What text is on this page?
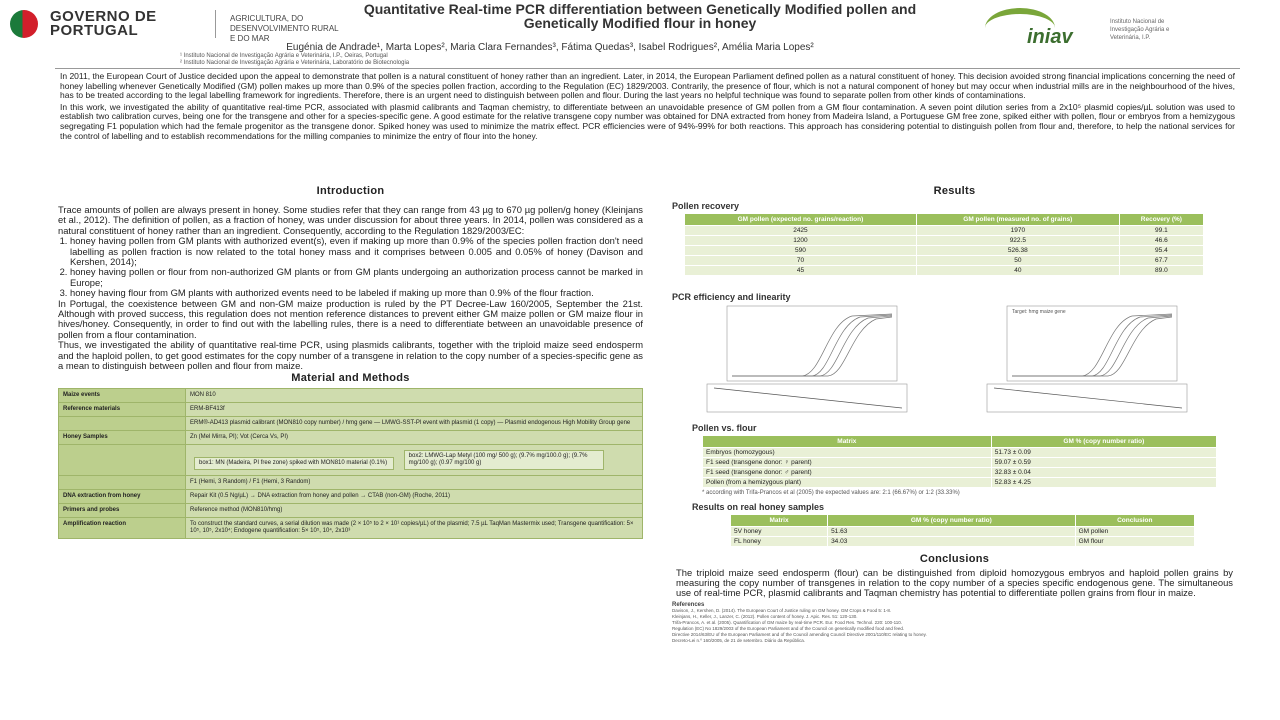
GOVERNO DE
PORTUGAL
AGRICULTURA, DO DESENVOLVIMENTO RURAL E DO MAR
Quantitative Real-time PCR differentiation between Genetically Modified pollen and Genetically Modified flour in honey
Eugénia de Andrade¹, Marta Lopes², Maria Clara Fernandes³, Fátima Quedas³, Isabel Rodrigues², Amélia Maria Lopes²
¹ Instituto Nacional de Investigação Agrária e Veterinária, I.P., Oeiras, Portugal
² Instituto Nacional de Investigação Agrária e Veterinária, Laboratório de Biotecnologia
iniav
Instituto Nacional de Investigação Agrária e Veterinária, I.P.

In 2011, the European Court of Justice decided upon the appeal to demonstrate that pollen is a natural constituent of honey rather than an ingredient. Later, in 2014, the European Parliament defined pollen as a natural constituent of honey. This decision avoided strong financial implications concerning the need of honey labelling whenever Genetically Modified (GM) pollen makes up more than 0.9% of the species pollen fraction, according to the Regulation (EC) 1829/2003. Contrarily, the presence of flour, which is not a natural component of honey but may occur when industrial mills are in the neighbourhood of the hives, has to be treated according to the legal labelling framework for ingredients. Therefore, there is an urgent need to distinguish between pollen and flour. During the last years no helpful technique was found to separate pollen from other kinds of contaminations.

In this work, we investigated the ability of quantitative real-time PCR, associated with plasmid calibrants and Taqman chemistry, to differentiate between an unavoidable presence of GM pollen from a GM flour contamination. A seven point dilution series from a 2x10⁵ plasmid copies/µL solution was used to establish two calibration curves, being one for the transgene and other for a species-specific gene. A good estimate for the relative transgene copy number was obtained for DNA extracted from honey from Madeira Island, a Portuguese GM free zone, spiked either with pollen, flour or embryos from a hemizygous segregating F1 population which had the female progenitor as the transgene donor. Spiked honey was used to minimize the matrix effect. PCR efficiencies were of 94%-99% for both reactions. This approach has considering potential to distinguish pollen from flour and, therefore, to help the national services for the control of labelling and to establish recommendations for the milling companies to minimize the entry of flour into the honey.

Introduction

Trace amounts of pollen are always present in honey. Some studies refer that they can range from 43 µg to 670 µg pollen/g honey (Kleinjans et al., 2012). The definition of pollen, as a fraction of honey, was under discussion for about three years. In 2014, pollen was considered as a natural constituent of honey rather than an ingredient. Consequently, according to the Regulation 1829/2003/EC:

1. honey having pollen from GM plants with authorized event(s), even if making up more than 0.9% of the species pollen fraction don't need labelling as pollen fraction is now related to the total honey mass and it comprises between 0.005 and 0.05% of honey (Davison and Kershen, 2014);
2. honey having pollen or flour from non-authorized GM plants or from GM plants undergoing an authorization process cannot be marked in Europe;
3. honey having flour from GM plants with authorized events need to be labeled if making up more than 0.9% of the flour fraction.

In Portugal, the coexistence between GM and non-GM maize production is ruled by the PT Decree-Law 160/2005, September the 21st. Although with proved success, this regulation does not mention reference distances to prevent either GM maize pollen or GM maize flour in hives/honey. Consequently, in order to find out with the labelling rules, there is a need to differentiate between an unavoidable presence of pollen from a flour contamination.

Thus, we investigated the ability of quantitative real-time PCR, using plasmids calibrants, together with the triploid maize seed endosperm and the haploid pollen, to get good estimates for the copy number of a transgene in relation to the copy number of a species-specific gene as a mean to distinguish between pollen and flour from maize.

Material and Methods
Maize events	MON 810
Reference materials	ERM-BF413f
	ERM®-AD413 plasmid calibrant (MON810 copy number) / hmg gene — LMWG-SST-Pl event with plasmid (1 copy) — Plasmid endogenous High Mobility Group gene
Honey Samples	Zn (Mel Mirra, PI); Vot (Cerca Vs, PI)
	box1: MN (Madeira, PI free zone) spiked with MON810 material (0.1%) box2: LMWG-Lap Metyl (100 mg/ 500 g); (9.7% mg/100.0 g); (9.7% mg/100 g); (0.97 mg/100 g)
	F1 (Hemi, 3 Random) / F1 (Hemi, 3 Random)
DNA extraction from honey	Repair Kit (0.5 Ng/µL) → DNA extraction from honey and pollen → CTAB (non-GM) (Roche, 2011)
Primers and probes	Reference method (MON810/hmg)
Amplification reaction	To construct the standard curves, a serial dilution was made (2 × 10⁵ to 2 × 10¹ copies/µL) of the plasmid; 7.5 µL TaqMan Mastermix used; Transgene quantification: 5× 10⁵, 10⁵, 2x10⁴; Endogene quantification: 5× 10⁵, 10⁴, 2x10³
Results
Pollen recovery
GM pollen (expected no. grains/reaction)	GM pollen (measured no. of grains)	Recovery (%)
2425	1970	99.1
1200	922.5	46.6
590	526.38	95.4
70	50	67.7
45	40	89.0
PCR efficiency and linearity
Target: hmg maize gene
Pollen vs. flour
Matrix	GM % (copy number ratio)
Embryos (homozygous)	51.73 ± 0.09
F1 seed (transgene donor: ♀ parent)	59.07 ± 0.59
F1 seed (transgene donor: ♂ parent)	32.83 ± 0.04
Pollen (from a hemizygous plant)	52.83 ± 4.25
* according with Trifa-Prancos et al (2005) the expected values are: 2:1 (66.67%) or 1:2 (33.33%)
Results on real honey samples
Matrix	GM % (copy number ratio)	Conclusion
5V honey	51.63	GM pollen
FL honey	34.03	GM flour
Conclusions
The triploid maize seed endosperm (flour) can be distinguished from diploid homozygous embryos and haploid pollen grains by measuring the copy number of transgenes in relation to the copy number of a species specific endogenous gene. The simultaneous use of real-time PCR, plasmid calibrants and Taqman chemistry has potential to differentiate pollen grains from flour in maize.
References
Davison, J., Kershen, D. (2014). The European Court of Justice ruling on GM honey. GM Crops & Food 5: 1-8.
Kleinjans, H., Keller, J., Lanzer, C. (2012). Pollen content of honey. J. Apic. Res. 51: 120-130.
Trifa-Prancos, A. et al. (2005). Quantification of GM maize by real-time PCR. Eur. Food Res. Technol. 220: 100-110.
Regulation (EC) No 1829/2003 of the European Parliament and of the Council on genetically modified food and feed.
Directive 2014/63/EU of the European Parliament and of the Council amending Council Directive 2001/110/EC relating to honey.
Decreto-Lei n.º 160/2005, de 21 de setembro. Diário da República.
